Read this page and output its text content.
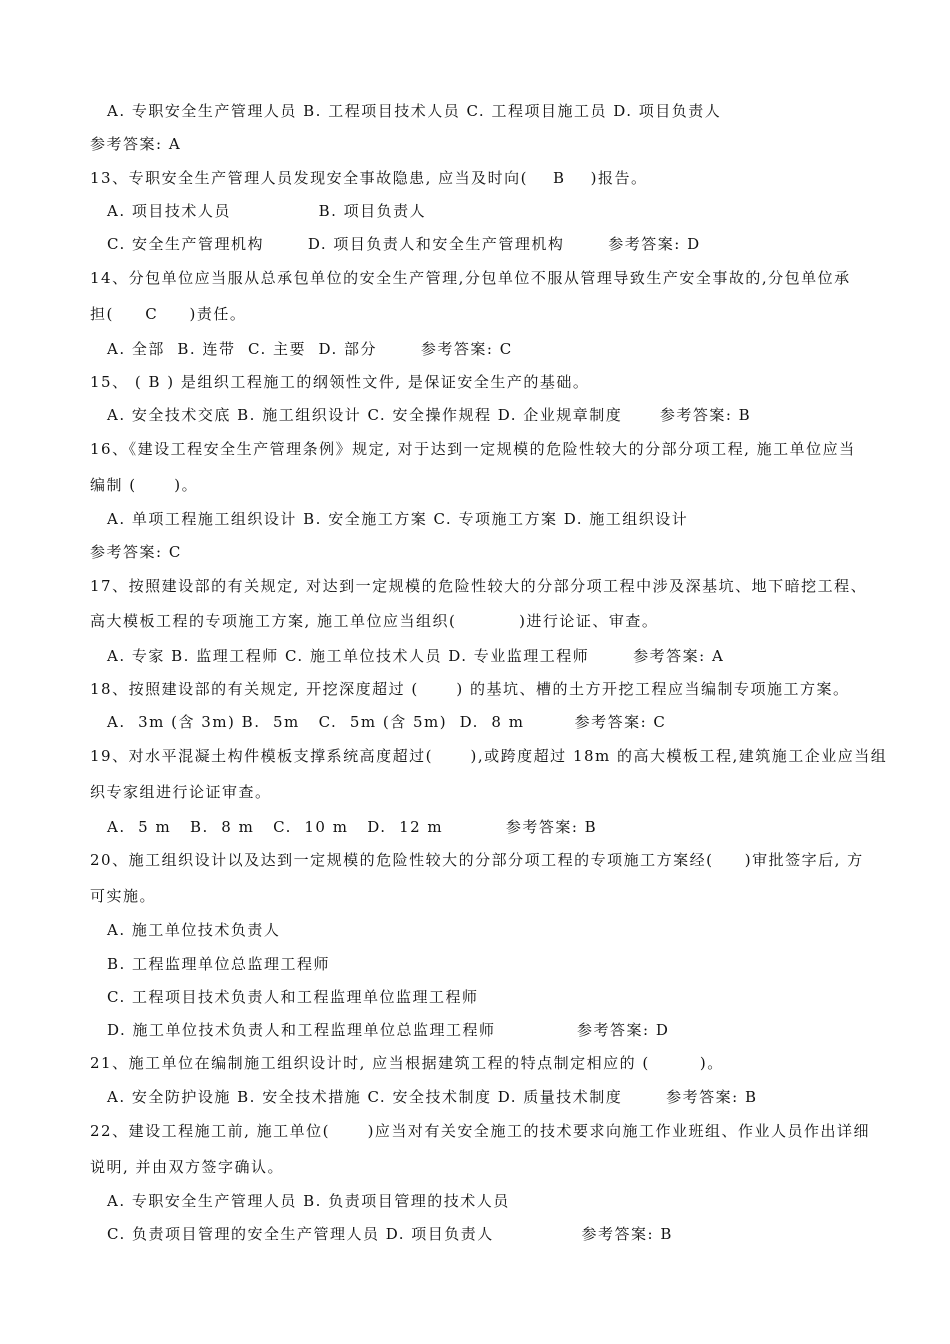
A. 专职安全生产管理人员 B. 工程项目技术人员 C. 工程项目施工员 D. 项目负责人
参考答案: A
13、专职安全生产管理人员发现安全事故隐患, 应当及时向(    B    )报告。
A. 项目技术人员              B. 项目负责人
C. 安全生产管理机构       D. 项目负责人和安全生产管理机构       参考答案: D
14、分包单位应当服从总承包单位的安全生产管理,分包单位不服从管理导致生产安全事故的,分包单位承
担(     C     )责任。
A. 全部  B. 连带  C. 主要  D. 部分       参考答案: C
15、 ( B ) 是组织工程施工的纲领性文件, 是保证安全生产的基础。
A. 安全技术交底 B. 施工组织设计 C. 安全操作规程 D. 企业规章制度      参考答案: B
16、《建设工程安全生产管理条例》规定, 对于达到一定规模的危险性较大的分部分项工程, 施工单位应当
编制 (      )。
A. 单项工程施工组织设计 B. 安全施工方案 C. 专项施工方案 D. 施工组织设计
参考答案: C
17、按照建设部的有关规定, 对达到一定规模的危险性较大的分部分项工程中涉及深基坑、地下暗挖工程、
高大模板工程的专项施工方案, 施工单位应当组织(          )进行论证、审查。
A. 专家 B. 监理工程师 C. 施工单位技术人员 D. 专业监理工程师       参考答案: A
18、按照建设部的有关规定, 开挖深度超过 (      ) 的基坑、槽的土方开挖工程应当编制专项施工方案。
A.  3m (含 3m) B.  5m   C.  5m (含 5m)  D.  8 m        参考答案: C
19、对水平混凝土构件模板支撑系统高度超过(      ),或跨度超过 18m 的高大模板工程,建筑施工企业应当组
织专家组进行论证审查。
A.  5 m   B.  8 m   C.  10 m   D.  12 m          参考答案: B
20、施工组织设计以及达到一定规模的危险性较大的分部分项工程的专项施工方案经(     )审批签字后, 方
可实施。
A. 施工单位技术负责人
B. 工程监理单位总监理工程师
C. 工程项目技术负责人和工程监理单位监理工程师
D. 施工单位技术负责人和工程监理单位总监理工程师             参考答案: D
21、施工单位在编制施工组织设计时, 应当根据建筑工程的特点制定相应的 (        )。
A. 安全防护设施 B. 安全技术措施 C. 安全技术制度 D. 质量技术制度       参考答案: B
22、建设工程施工前, 施工单位(      )应当对有关安全施工的技术要求向施工作业班组、作业人员作出详细
说明, 并由双方签字确认。
A. 专职安全生产管理人员 B. 负责项目管理的技术人员
C. 负责项目管理的安全生产管理人员 D. 项目负责人              参考答案: B
